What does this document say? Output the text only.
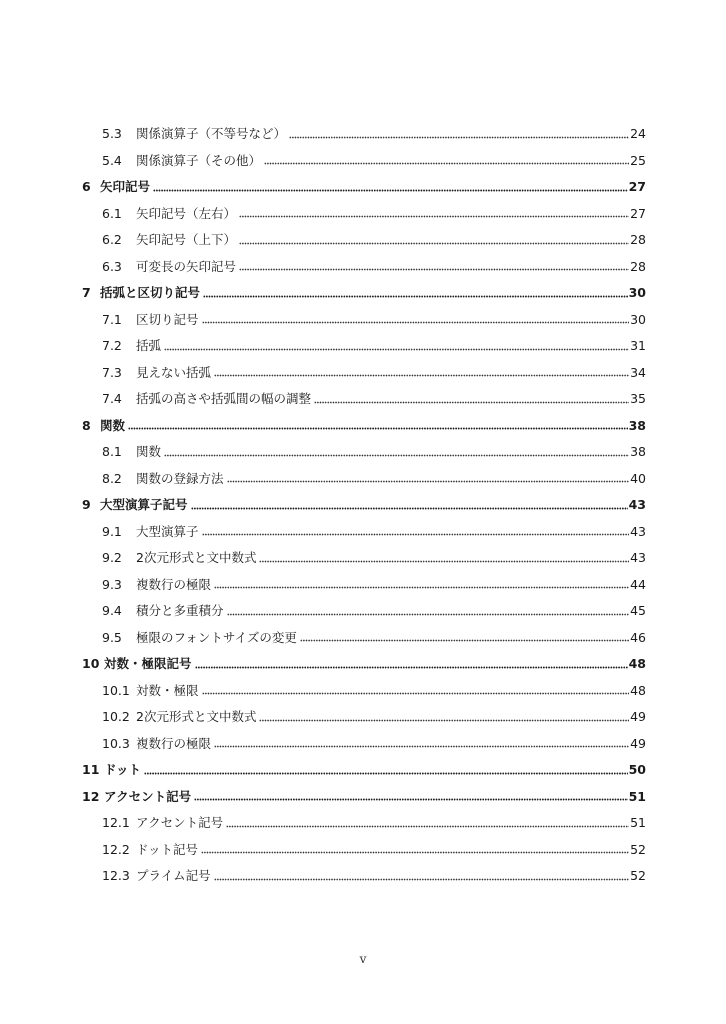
5.3	関係演算子（不等号など）	24
5.4	関係演算子（その他）	25
6 矢印記号	27
6.1	矢印記号（左右）	27
6.2	矢印記号（上下）	28
6.3	可変長の矢印記号	28
7 括弧と区切り記号	30
7.1	区切り記号	30
7.2	括弧	31
7.3	見えない括弧	34
7.4	括弧の高さや括弧間の幅の調整	35
8 関数	38
8.1	関数	38
8.2	関数の登録方法	40
9 大型演算子記号	43
9.1	大型演算子	43
9.2	2次元形式と文中数式	43
9.3	複数行の極限	44
9.4	積分と多重積分	45
9.5	極限のフォントサイズの変更	46
10 対数・極限記号	48
10.1 対数・極限	48
10.2 2次元形式と文中数式	49
10.3 複数行の極限	49
11 ドット	50
12 アクセント記号	51
12.1 アクセント記号	51
12.2 ドット記号	52
12.3 プライム記号	52
v
